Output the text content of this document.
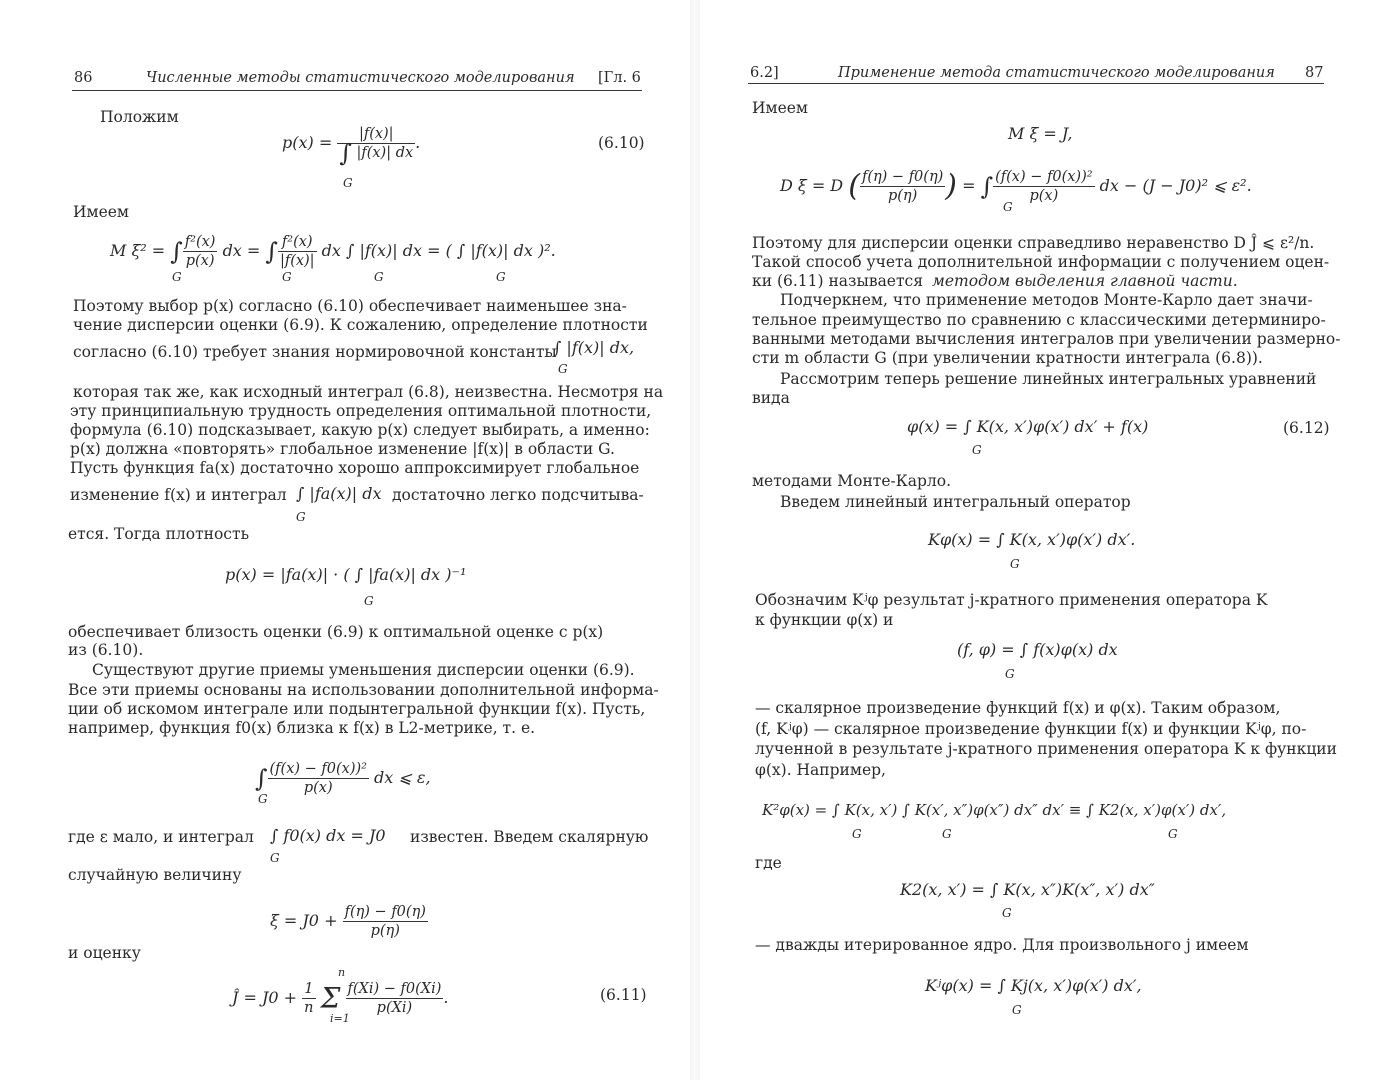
86	Численные методы статистического моделирования [Гл. 6
Положим
$p(x) = \frac{|f(x)|}{\int |f(x)| dx}$ .
G
(6.10)
Имеем
M ξ² = ∫ $\frac{\text{f²(x)}}{p(x)}$ dx = ∫ $\frac{\text{f²(x)}}{|f(x)|}$ dx ∫ |f(x)| dx = ( ∫ |f(x)| dx )².
G	G	G	G
Поэтому выбор p(x) согласно (6.10) обеспечивает наименьшее зна-
чение дисперсии оценки (6.9). К сожалению, определение плотности
согласно (6.10) требует знания нормировочной константы
∫ |f(x)| dx,
G
которая так же, как исходный интеграл (6.8), неизвестна. Несмотря на
эту принципиальную трудность определения оптимальной плотности,
формула (6.10) подсказывает, какую p(x) следует выбирать, а именно:
p(x) должна «повторять» глобальное изменение |f(x)| в области G.
Пусть функция fa(x) достаточно хорошо аппроксимирует глобальное
изменение f(x) и интеграл ∫ |fa(x)| dx достаточно легко подсчитыва-
G
ется. Тогда плотность
p(x) = |fa(x)| · ( ∫ |fa(x)| dx )⁻¹
G
обеспечивает близость оценки (6.9) к оптимальной оценке с p(x)
из (6.10).
Существуют другие приемы уменьшения дисперсии оценки (6.9).
Все эти приемы основаны на использовании дополнительной информа-
ции об искомом интеграле или подынтегральной функции f(x). Пусть,
например, функция f0(x) близка к f(x) в L2-метрике, т. е.
∫ $\frac{\text{(f(x) − f0(x))²}}{p(x)}$ dx ⩽ ε,
G
где ε мало, и интеграл ∫ f0(x) dx = J0 известен. Введем скалярную
G
случайную величину
$\xi = J0 + \frac{f(\eta) - f0(\eta)}{p(\eta)}$
и оценку
Ĵ = $J0 + \frac{1}{n}$ Σ $\frac{f(Xi) - f0(Xi)}{p(Xi)}$ .
n
i=1
(6.11)
6.2]	Применение метода статистического моделирования 87
Имеем
M ξ = J,
D ξ = D ( $\frac{f(\eta) - f0(\eta)}{p(\eta)}$ ) = ∫ $\frac{\text{(f(x) − f0(x))²}}{p(x)}$ dx − (J − J0)² ⩽ ε².
G
Поэтому для дисперсии оценки справедливо неравенство D Ĵ ⩽ ε²/n.
Такой способ учета дополнительной информации с получением оцен-
ки (6.11) называется методом выделения главной части.
Подчеркнем, что применение методов Монте-Карло дает значи-
тельное преимущество по сравнению с классическими детерминиро-
ванными методами вычисления интегралов при увеличении размерно-
сти m области G (при увеличении кратности интеграла (6.8)).
Рассмотрим теперь решение линейных интегральных уравнений
вида
φ(x) = ∫ K(x, x′)φ(x′) dx′ + f(x)
G
(6.12)
методами Монте-Карло.
Введем линейный интегральный оператор
Kφ(x) = ∫ K(x, x′)φ(x′) dx′.
G
Обозначим Kʲφ результат j-кратного применения оператора K
к функции φ(x) и
(f, φ) = ∫ f(x)φ(x) dx
G
— скалярное произведение функций f(x) и φ(x). Таким образом,
(f, Kʲφ) — скалярное произведение функции f(x) и функции Kʲφ, по-
лученной в результате j-кратного применения оператора K к функции
φ(x). Например,
K²φ(x) = ∫ K(x, x′) ∫ K(x′, x″)φ(x″) dx″ dx′ ≡ ∫ K2(x, x′)φ(x′) dx′,
G	G	G
где
K2(x, x′) = ∫ K(x, x″)K(x″, x′) dx″
G
— дважды итерированное ядро. Для произвольного j имеем
Kʲφ(x) = ∫ Kj(x, x′)φ(x′) dx′,
G
